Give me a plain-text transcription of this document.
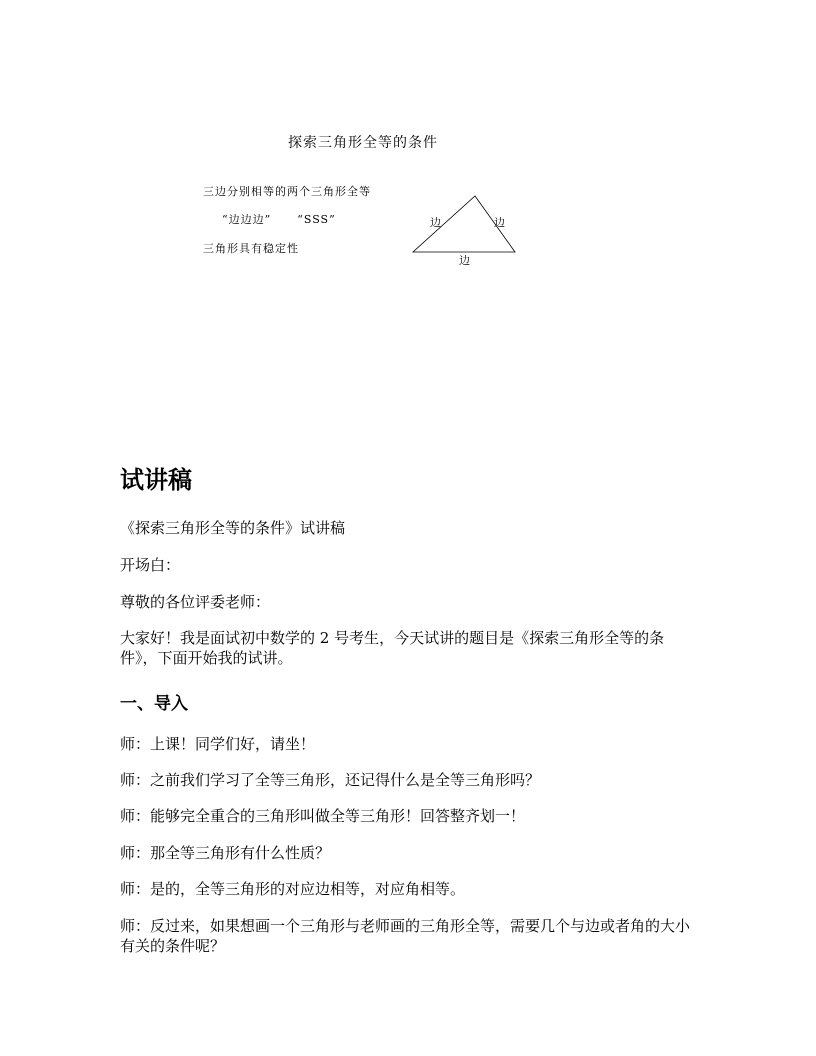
探索三角形全等的条件
三边分别相等的两个三角形全等
“边边边” “SSS”
三角形具有稳定性
边	边
边
试讲稿
《探索三角形全等的条件》试讲稿
开场白：
尊敬的各位评委老师：
大家好！我是面试初中数学的 2 号考生，今天试讲的题目是《探索三角形全等的条件》，下面开始我的试讲。
一、导入
师：上课！同学们好，请坐！
师：之前我们学习了全等三角形，还记得什么是全等三角形吗？
师：能够完全重合的三角形叫做全等三角形！回答整齐划一！
师：那全等三角形有什么性质？
师：是的，全等三角形的对应边相等，对应角相等。
师：反过来，如果想画一个三角形与老师画的三角形全等，需要几个与边或者角的大小有关的条件呢？
